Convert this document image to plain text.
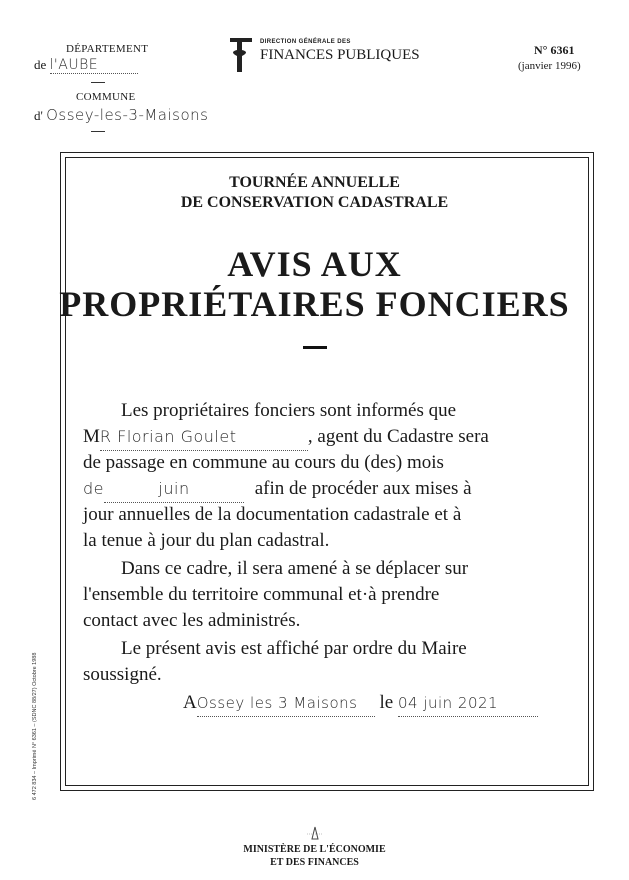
DÉPARTEMENT
de l'AUBE
COMMUNE
d' Ossey-les-3-Maisons
DIRECTION GÉNÉRALE DES
FINANCES PUBLIQUES	N° 6361
(janvier 1996)
TOURNÉE ANNUELLE
DE CONSERVATION CADASTRALE
AVIS AUX
PROPRIÉTAIRES FONCIERS
Les propriétaires fonciers sont informés que
MR Florian Goulet	, agent du Cadastre sera
de passage en commune au cours du (des) mois
de	juin	afin de procéder aux mises à
jour annuelles de la documentation cadastrale et à
la tenue à jour du plan cadastral.
Dans ce cadre, il sera amené à se déplacer sur
l'ensemble du territoire communal et·à prendre
contact avec les administrés.
Le présent avis est affiché par ordre du Maire
soussigné.
AOssey les 3 Maisons le 04 juin 2021
6 472 834 – Imprimé N° 6361 – (SDNC 88/27) Octobre 1988
MINISTÈRE DE L'ÉCONOMIE
ET DES FINANCES
